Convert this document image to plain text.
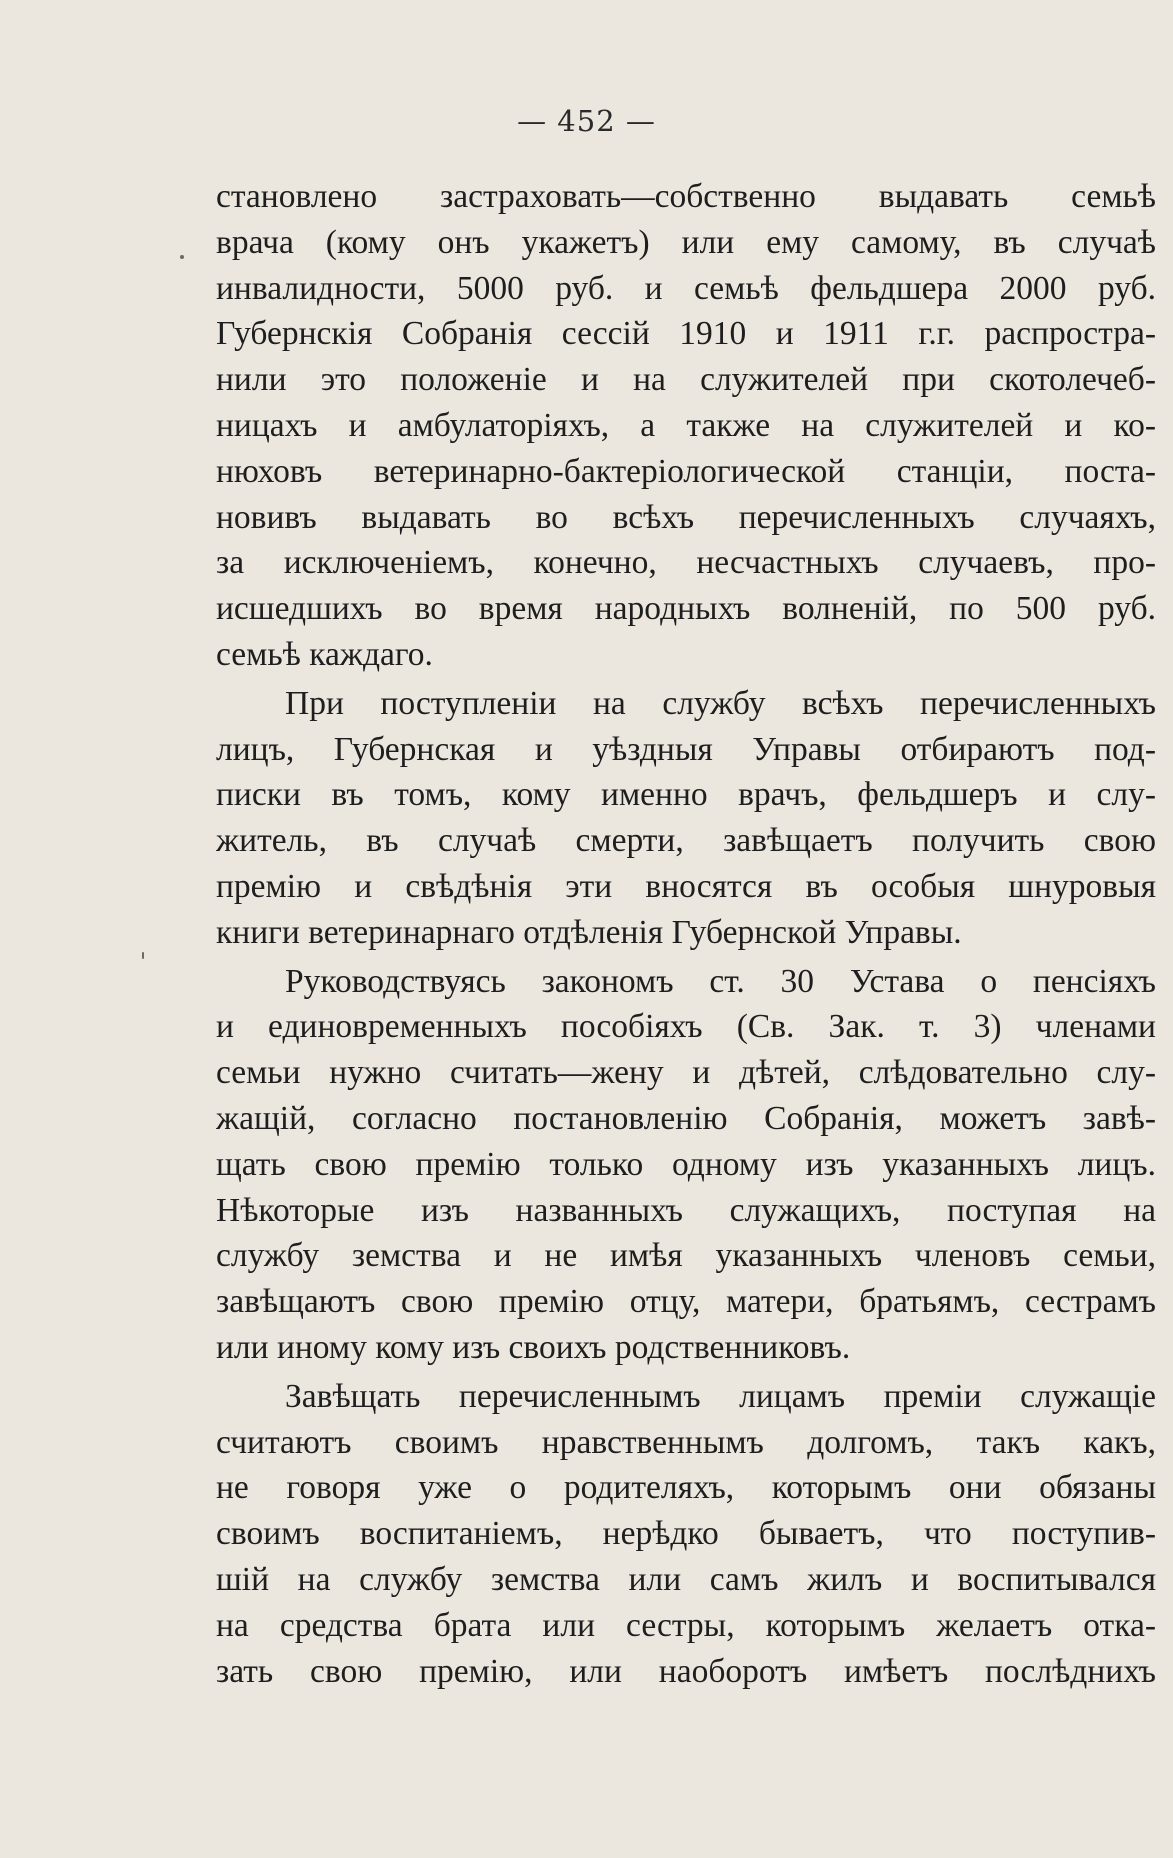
— 452 —
становлено застраховать—собственно выдавать семьѣ
врача (кому онъ укажетъ) или ему самому, въ случаѣ
инвалидности, 5000 руб. и семьѣ фельдшера 2000 руб.
Губернскія Собранія сессій 1910 и 1911 г.г. распростра-
нили это положеніе и на служителей при скотолечеб-
ницахъ и амбулаторіяхъ, а также на служителей и ко-
нюховъ ветеринарно-бактеріологической станціи, поста-
новивъ выдавать во всѣхъ перечисленныхъ случаяхъ,
за исключеніемъ, конечно, несчастныхъ случаевъ, про-
исшедшихъ во время народныхъ волненій, по 500 руб.
семьѣ каждаго.
При поступленіи на службу всѣхъ перечисленныхъ
лицъ, Губернская и уѣздныя Управы отбираютъ под-
писки въ томъ, кому именно врачъ, фельдшеръ и слу-
житель, въ случаѣ смерти, завѣщаетъ получить свою
премію и свѣдѣнія эти вносятся въ особыя шнуровыя
книги ветеринарнаго отдѣленія Губернской Управы.
Руководствуясь закономъ ст. 30 Устава о пенсіяхъ
и единовременныхъ пособіяхъ (Св. Зак. т. 3) членами
семьи нужно считать—жену и дѣтей, слѣдовательно слу-
жащій, согласно постановленію Собранія, можетъ завѣ-
щать свою премію только одному изъ указанныхъ лицъ.
Нѣкоторые изъ названныхъ служащихъ, поступая на
службу земства и не имѣя указанныхъ членовъ семьи,
завѣщаютъ свою премію отцу, матери, братьямъ, сестрамъ
или иному кому изъ своихъ родственниковъ.
Завѣщать перечисленнымъ лицамъ преміи служащіе
считаютъ своимъ нравственнымъ долгомъ, такъ какъ,
не говоря уже о родителяхъ, которымъ они обязаны
своимъ воспитаніемъ, нерѣдко бываетъ, что поступив-
шій на службу земства или самъ жилъ и воспитывался
на средства брата или сестры, которымъ желаетъ отка-
зать свою премію, или наоборотъ имѣетъ послѣднихъ
